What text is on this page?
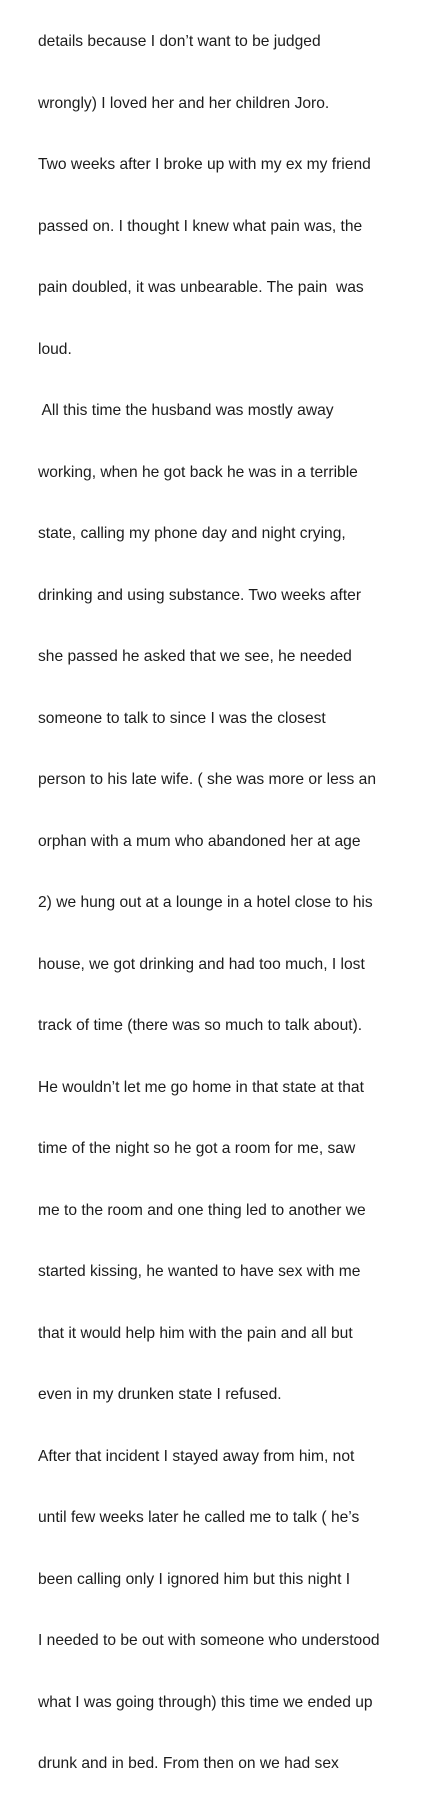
details because I don’t want to be judged

wrongly) I loved her and her children Joro.

Two weeks after I broke up with my ex my friend

passed on. I thought I knew what pain was, the

pain doubled, it was unbearable. The pain  was

loud.

All this time the husband was mostly away

working, when he got back he was in a terrible

state, calling my phone day and night crying,

drinking and using substance. Two weeks after

she passed he asked that we see, he needed

someone to talk to since I was the closest

person to his late wife. ( she was more or less an

orphan with a mum who abandoned her at age

2) we hung out at a lounge in a hotel close to his

house, we got drinking and had too much, I lost

track of time (there was so much to talk about).

He wouldn’t let me go home in that state at that

time of the night so he got a room for me, saw

me to the room and one thing led to another we

started kissing, he wanted to have sex with me

that it would help him with the pain and all but

even in my drunken state I refused.

After that incident I stayed away from him, not

until few weeks later he called me to talk ( he’s

been calling only I ignored him but this night I

I needed to be out with someone who understood

what I was going through) this time we ended up

drunk and in bed. From then on we had sex
